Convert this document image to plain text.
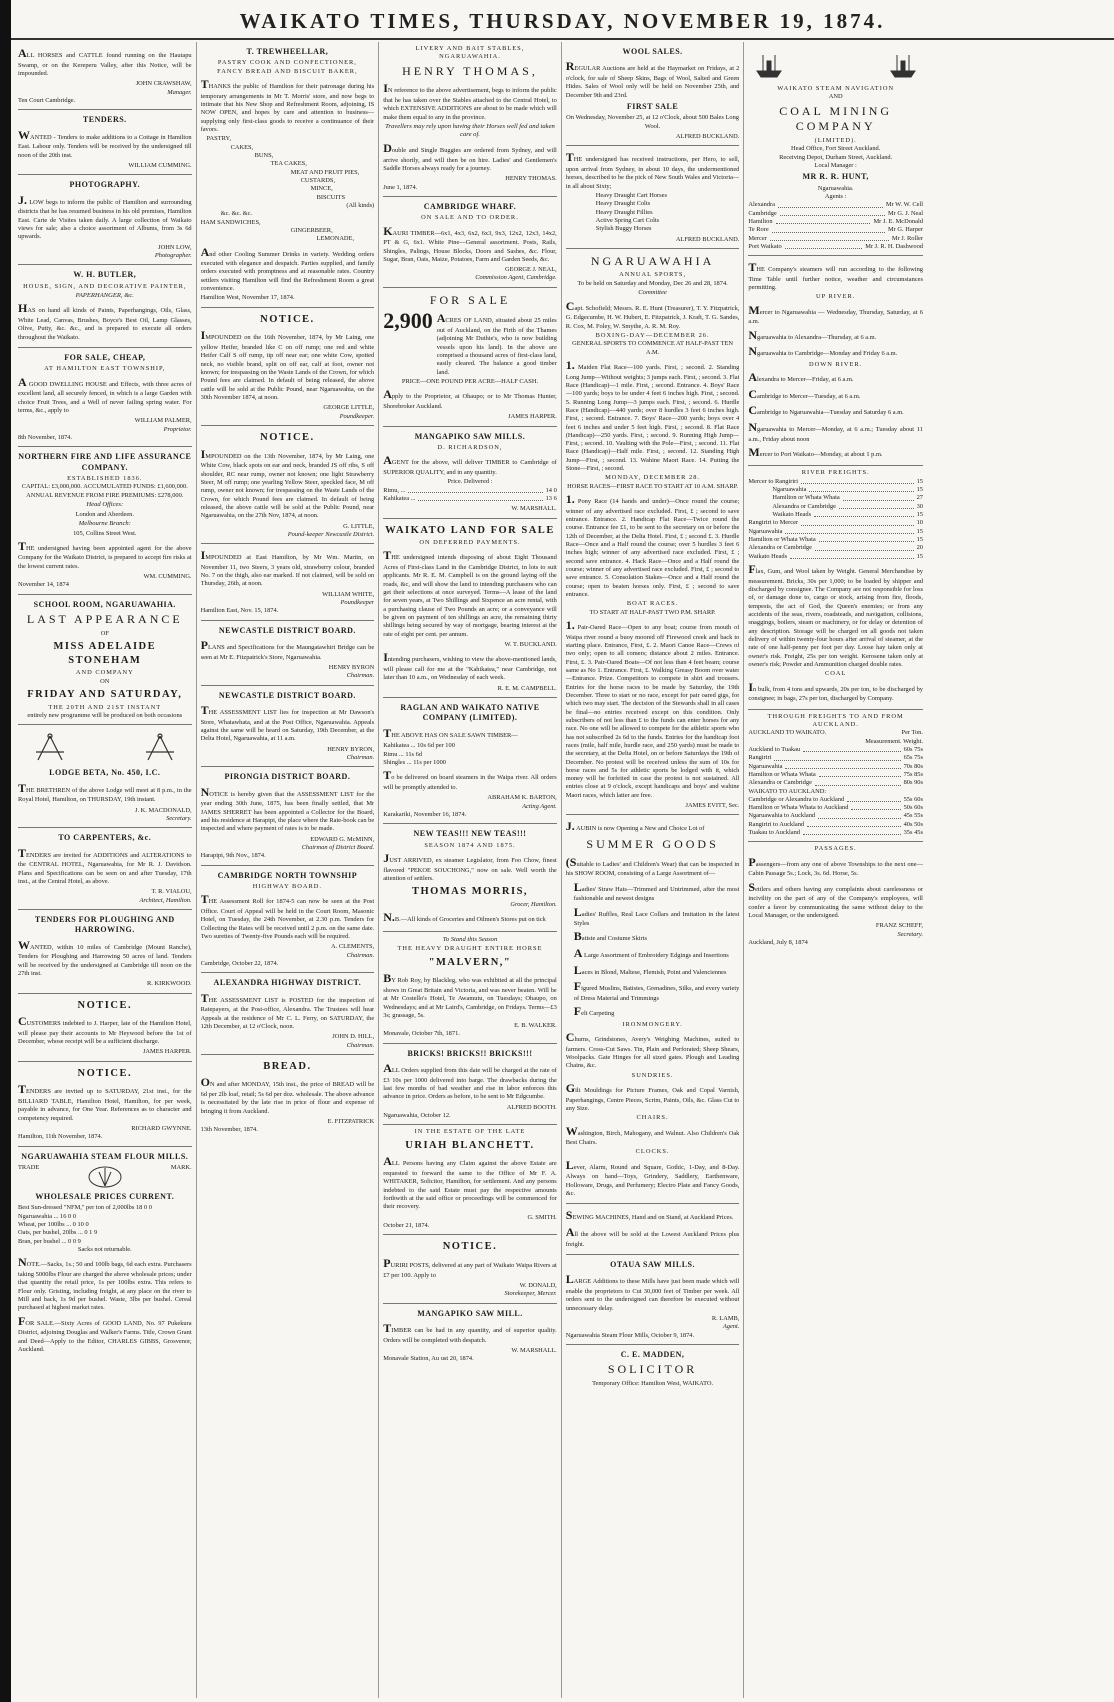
WAIKATO TIMES, THURSDAY, NOVEMBER 19, 1874.
ALL HORSES and CATTLE found running on the Hautapu Swamp, or on the Kereperu Valley, after this Notice, will be impounded.
JOHN CRAWSHAW,
Manager.
Ten Court Cambridge.
TENDERS.
WANTED - Tenders to make additions to a Cottage in Hamilton East. Labour only. Tenders will be received by the undersigned till noon of the 20th inst.
WILLIAM CUMMING.
PHOTOGRAPHY.
J. LOW begs to inform the public of Hamilton and surrounding districts that he has resumed business in his old premises, Hamilton East. Carte de Visites taken daily. A large collection of Waikato views for sale; also a choice assortment of Albums, from 3s 6d upwards.
JOHN LOW,
Photographer.
W. H. BUTLER,
HOUSE, SIGN, AND DECORATIVE PAINTER,
PAPERHANGER, &c.
HAS on hand all kinds of Paints, Paperhangings, Oils, Glass, White Lead, Canvas, Brushes, Boyce's Best Oil, Lamp Glasses, Olive, Putty, &c. &c., and is prepared to execute all orders throughout the Waikato.
FOR SALE, CHEAP,
AT HAMILTON EAST TOWNSHIP,
A GOOD DWELLING HOUSE and Effects, with three acres of excellent land, all securely fenced, in which is a large Garden with choice Fruit Trees, and a Well of never failing spring water. For terms, &c., apply to
WILLIAM PALMER,
Proprietor.
8th November, 1874.
NORTHERN FIRE AND LIFE ASSURANCE COMPANY.
ESTABLISHED 1836.
CAPITAL: £3,000,000. ACCUMULATED FUNDS: £1,600,000.
ANNUAL REVENUE FROM FIRE PREMIUMS: £278,000.
Head Offices:
London and Aberdeen.
Melbourne Branch:
105, Collins Street West.
THE undersigned having been appointed agent for the above Company for the Waikato District, is prepared to accept fire risks at the lowest current rates.
WM. CUMMING.
November 14, 1874
SCHOOL ROOM, NGARUAWAHIA.
LAST APPEARANCE
OF
MISS ADELAIDE STONEHAM
AND COMPANY
ON
FRIDAY AND SATURDAY,
THE 20TH AND 21ST INSTANT
entirely new programme will be produced on both occasions
LODGE BETA, No. 450, I.C.
THE BRETHREN of the above Lodge will meet at 8 p.m., in the Royal Hotel, Hamilton, on THURSDAY, 19th instant.
J. K. MACDONALD,
Secretary.
TO CARPENTERS, &c.
TENDERS are invited for ADDITIONS and ALTERATIONS to the CENTRAL HOTEL, Ngaruawahia, for Mr R. J. Davidson. Plans and Specifications can be seen on and after Tuesday, 17th inst., at the Central Hotel, as above.
T. R. VIALOU,
Architect, Hamilton.
TENDERS FOR PLOUGHING AND HARROWING.
WANTED, within 10 miles of Cambridge (Mount Ranche), Tenders for Ploughing and Harrowing 50 acres of land. Tenders will be received by the undersigned at Cambridge till noon on the 27th inst.
R. KIRKWOOD.
NOTICE.
CUSTOMERS indebted to J. Harper, late of the Hamilton Hotel, will please pay their accounts to Mr Heywood before the 1st of December, whose receipt will be a sufficient discharge.
JAMES HARPER.
NOTICE.
TENDERS are invited up to SATURDAY, 21st inst., for the BILLIARD TABLE, Hamilton Hotel, Hamilton, for per week, payable in advance, for One Year. References as to character and competency required.
RICHARD GWYNNE.
Hamilton, 11th November, 1874.
NGARUAWAHIA STEAM FLOUR MILLS.
TRADE	MARK.
WHOLESALE PRICES CURRENT.
Best Sun-dressed "NFM," per ton of 2,000lbs 18 0 0
Ngaruawahia ... 16 0 0
Wheat, per 100lbs ... 0 10 0
Oats, per bushel, 20lbs ... 0 1 9
Bran, per bushel ... 0 0 9
Sacks not returnable.
NOTE.—Sacks, 1s.; 50 and 100lb bags, 6d each extra. Purchasers taking 5000lbs Flour are charged the above wholesale prices; under that quantity the retail price, 1s per 100lbs extra. This refers to Flour only. Gristing, including freight, at any place on the river to Mill and back, 1s 9d per bushel. Waste, 3lbs per bushel. Cereal purchased at highest market rates.
FOR SALE.—Sixty Acres of GOOD LAND, No. 97 Pukekura District, adjoining Douglas and Walker's Farms. Title, Crown Grant and Deed—Apply to the Editor, CHARLES GIBBS, Grosvenor, Auckland.
T. TREWHEELLAR,
PASTRY COOK AND CONFECTIONER,
FANCY BREAD AND BISCUIT BAKER,
THANKS the public of Hamilton for their patronage during his temporary arrangements in Mr T. Morris' store, and now begs to intimate that his New Shop and Refreshment Room, adjoining, IS NOW OPEN, and hopes by care and attention to business—supplying only first-class goods to receive a continuance of their favors.
PASTRY,
CAKES,
BUNS,
TEA CAKES,
MEAT AND FRUIT PIES,
CUSTARDS,
MINCE,
BISCUITS
(All kinds)
&c. &c. &c.
HAM SANDWICHES,
GINGERBEER,
LEMONADE,
And other Cooling Summer Drinks in variety. Wedding orders executed with elegance and despatch. Parties supplied, and family orders executed with promptness and at reasonable rates. Country settlers visiting Hamilton will find the Refreshment Room a great convenience.
Hamilton West, November 17, 1874.
NOTICE.
IMPOUNDED on the 16th November, 1874, by Mr Laing, one yellow Heifer, branded like C on off rump; one red and white Heifer Calf S off rump, tip off near ear; one white Cow, spotted neck, no visible brand, split on off ear, calf at foot, owner not known; for trespassing on the Waste Lands of the Crown, for which Pound fees are claimed. In default of being released, the above cattle will be sold at the Public Pound, near Ngaruawahia, on the 30th November 1874, at noon.
GEORGE LITTLE,
Poundkeeper.
NOTICE.
IMPOUNDED on the 13th November, 1874, by Mr Laing, one White Cow, black spots on ear and neck, branded JS off ribs, S off shoulder, RC near rump, owner not known; one light Strawberry Steer, M off rump; one yearling Yellow Steer, speckled face, M off rump, owner not known; for trespassing on the Waste Lands of the Crown, for which Pound fees are claimed. In default of being released, the above cattle will be sold at the Public Pound, near Ngaruawahia, on the 27th Nov, 1874, at noon.
G. LITTLE,
Pound-keeper Newcastle District.
IMPOUNDED at East Hamilton, by Mr Wm. Martin, on November 11, two Steers, 3 years old, strawberry colour, branded No. 7 on the thigh, also ear marked. If not claimed, will be sold on Thursday, 26th, at noon.
WILLIAM WHITE,
Poundkeeper
Hamilton East, Nov. 15, 1874.
NEWCASTLE DISTRICT BOARD.
PLANS and Specifications for the Maungatawhiri Bridge can be seen at Mr E. Fitzpatrick's Store, Ngaruawahia.
HENRY BYRON
Chairman.
NEWCASTLE DISTRICT BOARD.
THE ASSESSMENT LIST lies for inspection at Mr Dawson's Store, Whatawhata, and at the Post Office, Ngaruawahia. Appeals against the same will be heard on Saturday, 19th December, at the Delta Hotel, Ngaruawahia, at 11 a.m.
HENRY BYRON,
Chairman.
PIRONGIA DISTRICT BOARD.
NOTICE is hereby given that the ASSESSMENT LIST for the year ending 30th June, 1875, has been finally settled, that Mr JAMES SHERRET has been appointed a Collector for the Board, and his residence at Harapipi, the place where the Rate-book can be inspected and where payment of rates is to be made.
EDWARD G. McMINN,
Chairman of District Board.
Harapipi, 9th Nov., 1874.
CAMBRIDGE NORTH TOWNSHIP
HIGHWAY BOARD.
THE Assessment Roll for 1874-5 can now be seen at the Post Office. Court of Appeal will be held in the Court Room, Masonic Hotel, on Tuesday, the 24th November, at 2.30 p.m. Tenders for Collecting the Rates will be received until 2 p.m. on the same date. Two sureties of Twenty-five Pounds each will be required.
A. CLEMENTS,
Chairman.
Cambridge, October 22, 1874.
ALEXANDRA HIGHWAY DISTRICT.
THE ASSESSMENT LIST is POSTED for the inspection of Ratepayers, at the Post-office, Alexandra. The Trustees will hear Appeals at the residence of Mr C. L. Ferry, on SATURDAY, the 12th December, at 12 o'Clock, noon.
JOHN D. HILL,
Chairman.
BREAD.
ON and after MONDAY, 15th inst., the price of BREAD will be 6d per 2lb loaf, retail; 5s 6d per doz. wholesale. The above advance is necessitated by the late rise in price of flour and expense of bringing it from Auckland.
E. FITZPATRICK
13th November, 1874.
LIVERY AND BAIT STABLES,
NGARUAWAHIA.
HENRY THOMAS,
IN reference to the above advertisement, begs to inform the public that he has taken over the Stables attached to the Central Hotel, to which EXTENSIVE ADDITIONS are about to be made which will make them equal to any in the province.
Travellers may rely upon having their Horses well fed and taken care of.
Double and Single Buggies are ordered from Sydney, and will arrive shortly, and will then be on hire. Ladies' and Gentlemen's Saddle Horses always ready for a journey.
HENRY THOMAS.
June 1, 1874.
CAMBRIDGE WHARF.
ON SALE AND TO ORDER.
KAURI TIMBER—6x1, 4x3, 6x2, 6x3, 9x3, 12x2, 12x3, 14x2, PT & G, 6x1. White Pine—General assortment. Posts, Rails, Shingles, Palings, House Blocks, Doors and Sashes, &c. Flour, Sugar, Bran, Oats, Maize, Potatoes, Farm and Garden Seeds, &c.
GEORGE J. NEAL,
Commission Agent, Cambridge.
FOR SALE
2,900 ACRES OF LAND, situated about 25 miles out of Auckland, on the Firth of the Thames (adjoining Mr Duthie's, who is now building vessels upon his land). In the above are comprised a thousand acres of first-class land, easily cleared. The balance a good timber land.
PRICE—ONE POUND PER ACRE—HALF CASH.
Apply to the Proprietor, at Ohaupo; or to Mr Thomas Hunter, Shorebroker Auckland.
JAMES HARPER.
MANGAPIKO SAW MILLS.
D. RICHARDSON,
AGENT for the above, will deliver TIMBER to Cambridge of SUPERIOR QUALITY, and in any quantity.
Price. Delivered :
Rimu, ...	14 0
Kahikatea ...	13 6
W. MARSHALL.
WAIKATO LAND FOR SALE
ON DEFERRED PAYMENTS.
THE undersigned intends disposing of about Eight Thousand Acres of First-class Land in the Cambridge District, in lots to suit applicants. Mr R. E. M. Campbell is on the ground laying off the roads, &c, and will show the land to intending purchasers who can get their selections at once surveyed. Terms—A lease of the land for seven years, at Two Shillings and Sixpence an acre rental, with a purchasing clause of Two Pounds an acre; or a conveyance will be given on payment of ten shillings an acre, the remaining thirty shillings being secured by way of mortgage, bearing interest at the rate of eight per cent. per annum.
W. T. BUCKLAND.
Intending purchasers, wishing to view the above-mentioned lands, will please call for me at the "Kahikatea," near Cambridge, not later than 10 a.m., on Wednesday of each week.
R. E. M. CAMPBELL.
RAGLAN AND WAIKATO NATIVE COMPANY (LIMITED).
THE ABOVE HAS ON SALE SAWN TIMBER—
Kahikatea ... 10s 6d per 100
Rimu ... 11s 6d
Shingles ... 11s per 1000
To be delivered on board steamers in the Waipa river. All orders will be promptly attended to.
ABRAHAM K. BARTON,
Acting Agent.
Karakariki, November 16, 1874.
NEW TEAS!!! NEW TEAS!!!
SEASON 1874 AND 1875.
JUST ARRIVED, ex steamer Legislator, from Foo Chow, finest flavored "PEKOE SOUCHONG," now on sale. Well worth the attention of settlers.
THOMAS MORRIS,
Grocer, Hamilton.
N.B.—All kinds of Groceries and Oilmen's Stores put on tick
To Stand this Season
THE HEAVY DRAUGHT ENTIRE HORSE
"MALVERN,"
BY Rob Roy, by Blackleg, who was exhibited at all the principal shows in Great Britain and Victoria, and was never beaten. Will be at Mr Costello's Hotel, Te Awamutu, on Tuesdays; Ohaupo, on Wednesdays; and at Mr Laird's, Cambridge, on Fridays. Terms—£3 3s; grassage, 5s.
E. B. WALKER.
Monavale, October 7th, 1871.
BRICKS! BRICKS!! BRICKS!!!
ALL Orders supplied from this date will be charged at the rate of £3 10s per 1000 delivered into barge. The drawbacks during the last few months of bad weather and rise in labor enforces this advance in price. Orders as before, to be sent to Mr Edgcumbe.
ALFRED BOOTH.
Ngaruawahia, October 12.
IN THE ESTATE OF THE LATE
URIAH BLANCHETT.
ALL Persons having any Claim against the above Estate are requested to forward the same to the Office of Mr F. A. WHITAKER, Solicitor, Hamilton, for settlement. And any persons indebted to the said Estate must pay the respective amounts forthwith at the said office or proceedings will be commenced for their recovery.
G. SMITH.
October 21, 1874.
NOTICE.
PURIRI POSTS, delivered at any part of Waikato Waipa Rivers at £7 per 100. Apply to
W. DONALD,
Storekeeper, Mercer.
MANGAPIKO SAW MILL.
TIMBER can be had in any quantity, and of superior quality. Orders will be completed with despatch.
W. MARSHALL.
Monavale Station, Au ust 20, 1874.
WOOL SALES.
REGULAR Auctions are held at the Haymarket on Fridays, at 2 o'clock, for sale of Sheep Skins, Bags of Wool, Salted and Green Hides. Sales of Wool only will be held on November 25th, and December 9th and 23rd.
FIRST SALE
On Wednesday, November 25, at 12 o'Clock, about 500 Bales Long Wool.
ALFRED BUCKLAND.
THE undersigned has received instructions, per Hero, to sell, upon arrival from Sydney, in about 10 days, the undermentioned horses, described to be the pick of New South Wales and Victoria—in all about Sixty;
Heavy Draught Cart Horses
Heavy Draught Colts
Heavy Draught Fillies
Active Spring Cart Colts
Stylish Buggy Horses
ALFRED BUCKLAND.
NGARUAWAHIA
ANNUAL SPORTS,
To be held on Saturday and Monday, Dec 26 and 28, 1874.
Committee
Capt. Schofield; Messrs. R. E. Hunt (Treasurer), T. Y. Fitzpatrick, G. Edgecumbe, H. W. Hubert, E. Fitzpatrick, J. Kraft, T. G. Sandes, R. Cox, M. Foley, W. Smythe, A. R. M. Roy.
BOXING-DAY—DECEMBER 26.
GENERAL SPORTS TO COMMENCE AT HALF-PAST TEN A.M.
1. Maiden Flat Race—100 yards. First, ; second. 2. Standing Long Jump—Without weights; 3 jumps each. First, ; second. 3. Flat Race (Handicap)—1 mile. First, ; second. Entrance. 4. Boys' Race—100 yards; boys to be under 4 feet 6 inches high. First, ; second. 5. Running Long Jump—3 jumps each. First, ; second. 6. Hurdle Race (Handicap)—440 yards; over 8 hurdles 3 feet 6 inches high. First, ; second. Entrance. 7. Boys' Race—200 yards; boys over 4 feet 6 inches and under 5 feet high. First, ; second. 8. Flat Race (Handicap)—250 yards. First, ; second. 9. Running High Jump—First, ; second. 10. Vaulting with the Pole—First, ; second. 11. Flat Race (Handicap)—Half mile. First, ; second. 12. Standing High Jump—First, ; second. 13. Wahine Maori Race. 14. Putting the Stone—First, ; second.
MONDAY, DECEMBER 28.
HORSE RACES—FIRST RACE TO START AT 10 A.M. SHARP.
1. Pony Race (14 hands and under)—Once round the course; winner of any advertised race excluded. First, £ ; second to save entrance. Entrance. 2. Handicap Flat Race—Twice round the course. Entrance fee £1, to be sent to the secretary on or before the 12th of December, at the Delta Hotel. First, £ ; second £. 3. Hurdle Race—Once and a Half round the course; over 5 hurdles 3 feet 6 inches high; winner of any advertised race excluded. First, £ ; second save entrance. 4. Hack Race—Once and a Half round the course; winner of any advertised race excluded. First, £ ; second to save entrance. 5. Consolation Stakes—Once and a Half round the course; open to beaten horses only. First, £ ; second to save entrance.
BOAT RACES.
TO START AT HALF-PAST TWO P.M. SHARP.
1. Pair-Oared Race—Open to any boat; course from mouth of Waipa river round a buoy moored off Firewood creek and back to starting place. Entrance, First, £. 2. Maori Canoe Race—Crews of two only; open to all comers; distance about 2 miles. Entrance. First, £. 3. Pair-Oared Boats—Of not less than 4 feet beam; course same as No 1. Entrance. First, £. Walking Greasy Boom over water—Entrance. Prize. Competitors to compete in shirt and trousers. Entries for the horse races to be made by Saturday, the 19th December. Three to start or no race, except for pair oared gigs, for which two may start. The decision of the Stewards shall in all cases be final—no entries received except on this condition. Only subscribers of not less than £ to the funds can enter horses for any race. No one will be allowed to compete for the athletic sports who has not subscribed 2s 6d to the funds. Entries for the handicap foot races (mile, half mile, hurdle race, and 250 yards) must be made to the secretary, at the Delta Hotel, on or before Saturdays the 19th of December. No protest will be received unless the sum of 10s for horse races and 5s for athletic sports be lodged with it, which money will be forfeited in case the protest is not sustained. All entries close at 9 o'clock, except handicaps and boys' and wahine Maori races, which latter are free.
JAMES EVITT, Sec.
J. AUBIN is now Opening a New and Choice Lot of
SUMMER GOODS
(Suitable to Ladies' and Children's Wear) that can be inspected in his SHOW ROOM, consisting of a Large Assortment of—
Ladies' Straw Hats—Trimmed and Untrimmed, after the most fashionable and newest designs
Ladies' Ruffles, Real Lace Collars and Imitation in the latest Styles
Batiste and Costume Skirts
A Large Assortment of Embroidery Edgings and Insertions
Laces in Blond, Maltese, Flemish, Point and Valenciennes
Figured Muslins, Batistes, Grenadines, Silks, and every variety of Dress Material and Trimmings
Felt Carpeting
IRONMONGERY.
Churns, Grindstones, Avery's Weighing Machines, suited to farmers. Cross-Cut Saws. Tin, Plain and Perforated; Sheep Shears, Woolpacks. Gate Hinges for all sized gates. Plough and Leading Chains, &c.
SUNDRIES.
Gilt Mouldings for Picture Frames, Oak and Copal Varnish, Paperhangings, Centre Pieces, Scrim, Paints, Oils, &c. Glass Cut to any Size.
CHAIRS.
Washington, Birch, Mahogany, and Walnut. Also Children's Oak Best Chairs.
CLOCKS.
Lever, Alarm, Round and Square, Gothic, 1-Day, and 8-Day. Always on hand—Toys, Grindery, Saddlery, Earthenware, Holloware, Drugs, and Perfumery; Electro Plate and Fancy Goods, &c.
SEWING MACHINES, Hand and on Stand, at Auckland Prices.
All the above will be sold at the Lowest Auckland Prices plus freight.
OTAUA SAW MILLS.
LARGE Additions to these Mills have just been made which will enable the proprietors to Cut 30,000 feet of Timber per week. All orders sent to the undersigned can therefore be executed without unnecessary delay.
R. LAMB,
Agent.
Ngaruawahia Steam Flour Mills, October 9, 1874.
C. E. MADDEN,
SOLICITOR
Temporary Office: Hamilton West, WAIKATO.
WAIKATO STEAM NAVIGATION
AND
COAL MINING COMPANY
(LIMITED).
Head Office, Fort Street Auckland.
Receiving Depot, Durham Street, Auckland.
Local Manager :
MR R. R. HUNT,
Ngaruawahia.
Agents :
Alexandra	Mr W. W. Cell
Cambridge	Mr G. J. Neal
Hamilton	Mr J. E. McDonald
Te Rore	Mr G. Harper
Mercer	Mr J. Roller
Port Waikato	Mr J. R. H. Dashwood
THE Company's steamers will run according to the following Time Table until further notice, weather and circumstances permitting.
UP RIVER.
Mercer to Ngaruawahia — Wednesday, Thursday, Saturday, at 6 a.m.
Ngaruawahia to Alexandra—Thursday, at 6 a.m.
Ngaruawahia to Cambridge—Monday and Friday 6 a.m.
DOWN RIVER.
Alexandra to Mercer—Friday, at 6 a.m.
Cambridge to Mercer—Tuesday, at 6 a.m.
Cambridge to Ngaruawahia—Tuesday and Saturday 6 a.m.
Ngaruawahia to Mercer—Monday, at 6 a.m.; Tuesday about 11 a.m., Friday about noon
Mercer to Port Waikato—Monday, at about 1 p.m.
RIVER FREIGHTS.
Mercer to Rangiriri	15
Ngaruawahia	15
Hamilton or Whata Whata	27
Alexandra or Cambridge	30
Waikato Heads	15
Rangiriri to Mercer	10
Ngaruawahia	15
Hamilton or Whata Whata	15
Alexandra or Cambridge	20
Waikato Heads	15
Flax, Gum, and Wool taken by Weight. General Merchandise by measurement. Bricks, 30s per 1,000; to be loaded by shipper and discharged by consignee. The Company are not responsible for loss of, or damage done to, cargo or stock, arising from fire, floods, tempests, the act of God, the Queen's enemies; or from any accidents of the seas, rivers, roadsteads, and navigation, collisions, snaggings, boilers, steam or machinery, or for delay or detention of any description. Storage will be charged on all goods not taken delivery of within twenty-four hours after arrival of steamer, at the rate of one half-penny per foot per day. Loose hay taken only at owner's risk. Freight, 25s per ton weight. Kerosene taken only at owner's risk; Powder and Ammunition charged double rates.
COAL
In bulk, from 4 tons and upwards, 20s per ton, to be discharged by consignee; in bags, 27s per ton, discharged by Company.
THROUGH FREIGHTS TO AND FROM AUCKLAND.
AUCKLAND TO WAIKATO.	Per Ton.
Measurement. Weight.
Auckland to Tuakau	60s
75s
Rangiriri	65s
75s
Ngaruawahia	70s
80s
Hamilton or Whata Whata	75s
85s
Alexandra or Cambridge	80s
90s
WAIKATO TO AUCKLAND:
Cambridge or Alexandra to Auckland	55s
60s
Hamilton or Whata Whata to Auckland	50s
60s
Ngaruawahia to Auckland	45s
55s
Rangiriri to Auckland	40s
50s
Tuakau to Auckland	35s
45s
PASSAGES.
Passengers—from any one of above Townships to the next one—Cabin Passage 5s.; Lock, 3s. 6d. Horse, 5s.
Settlers and others having any complaints about carelessness or incivility on the part of any of the Company's employees, will confer a favor by communicating the same without delay to the Local Manager, or the undersigned.
FRANZ SCHEFF,
Secretary.
Auckland, July 8, 1874
